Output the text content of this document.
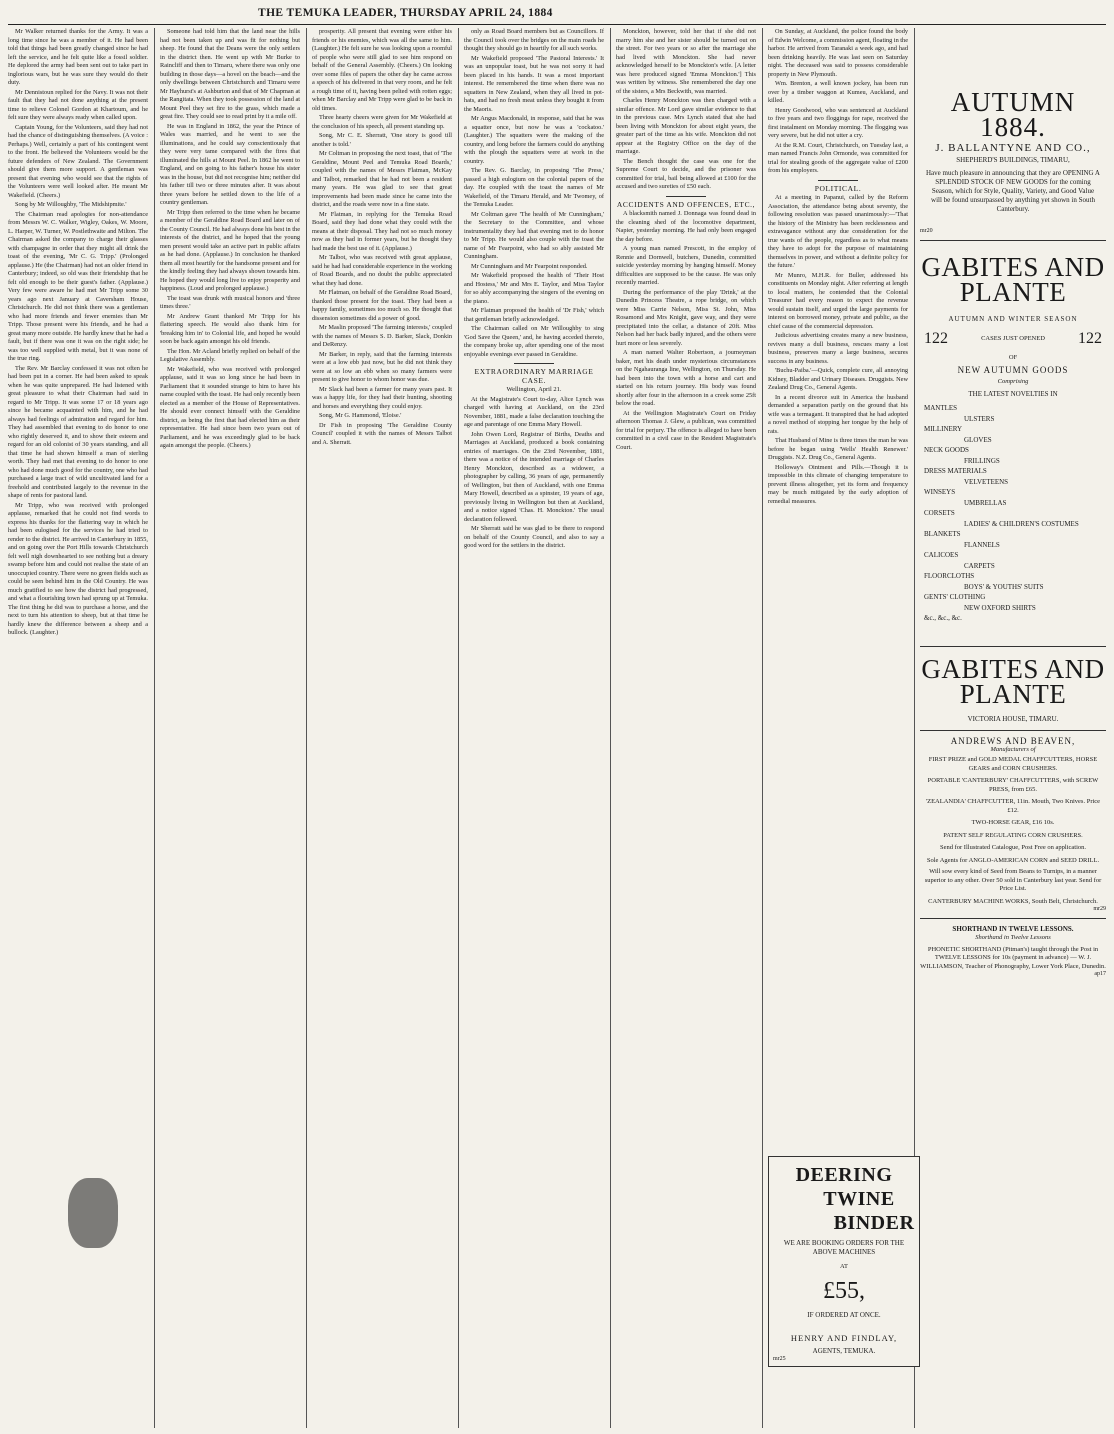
THE TEMUKA LEADER, THURSDAY APRIL 24, 1884

Mr Walker returned thanks for the Army. It was a long time since he was a member of it. He had been told that things had been greatly changed since he had left the service, and he felt quite like a fossil soldier. He deplored the army had been sent out to take part in inglorious wars, but he was sure they would do their duty.

Mr Dennistoun replied for the Navy. It was not their fault that they had not done anything at the present time to relieve Colonel Gordon at Khartoum, and he felt sure they were always ready when called upon.

Captain Young, for the Volunteers, said they had not had the chance of distinguishing themselves. (A voice : Perhaps.) Well, certainly a part of his contingent went to the front. He believed the Volunteers would be the future defenders of New Zealand. The Government should give them more support. A gentleman was present that evening who would see that the rights of the Volunteers were well looked after. He meant Mr Wakefield. (Cheers.)

Song by Mr Willoughby, 'The Midshipmite.'

The Chairman read apologies for non-attendance from Messrs W. C. Walker, Wigley, Oakes, W. Moore, L. Harper, W. Turner, W. Postlethwaite and Milton. The Chairman asked the company to charge their glasses with champagne in order that they might all drink the toast of the evening, 'Mr C. G. Tripp.' (Prolonged applause.) He (the Chairman) had not an older friend in Canterbury; indeed, so old was their friendship that he felt old enough to be their guest's father. (Applause.) Very few were aware he had met Mr Tripp some 30 years ago next January at Caversham House, Christchurch. He did not think there was a gentleman who had more friends and fewer enemies than Mr Tripp. Those present were his friends, and he had a great many more outside. He hardly knew that he had a fault, but if there was one it was on the right side; he was too well supplied with metal, but it was none of the true ring.

The Rev. Mr Barclay confessed it was not often he had been put in a corner. He had been asked to speak when he was quite unprepared. He had listened with great pleasure to what their Chairman had said in regard to Mr Tripp. It was some 17 or 18 years ago since he became acquainted with him, and he had always had feelings of admiration and regard for him. They had assembled that evening to do honor to one who rightly deserved it, and to show their esteem and regard for an old colonist of 30 years standing, and all that time he had shown himself a man of sterling worth. They had met that evening to do honor to one who had done much good for the country, one who had purchased a large tract of wild uncultivated land for a freehold and contributed largely to the revenue in the shape of rents for pastoral land.

Mr Tripp, who was received with prolonged applause, remarked that he could not find words to express his thanks for the flattering way in which he had been eulogised for the services he had tried to render to the district. He arrived in Canterbury in 1855, and on going over the Port Hills towards Christchurch felt well nigh downhearted to see nothing but a dreary swamp before him and could not realise the state of an unoccupied country. There were no green fields such as could be seen behind him in the Old Country. He was much gratified to see how the district had progressed, and what a flourishing town had sprung up at Temuka. The first thing he did was to purchase a horse, and the next to turn his attention to sheep, but at that time he hardly knew the difference between a sheep and a bullock. (Laughter.)

Someone had told him that the land near the hills had not been taken up and was fit for nothing but sheep. He found that the Deans were the only settlers in the district then. He went up with Mr Burke to Raincliff and then to Timaru, where there was only one building in those days—a hovel on the beach—and the only dwellings between Christchurch and Timaru were Mr Hayhurst's at Ashburton and that of Mr Chapman at the Rangitata. When they took possession of the land at Mount Peel they set fire to the grass, which made a great fire. They could see to read print by it a mile off.

He was in England in 1862, the year the Prince of Wales was married, and he went to see the illuminations, and he could say conscientiously that they were very tame compared with the fires that illuminated the hills at Mount Peel. In 1862 he went to England, and on going to his father's house his sister was in the house, but did not recognise him; neither did his father till two or three minutes after. It was about three years before he settled down to the life of a country gentleman.

Mr Tripp then referred to the time when he became a member of the Geraldine Road Board and later on of the County Council. He had always done his best in the interests of the district, and he hoped that the young men present would take an active part in public affairs as he had done. (Applause.) In conclusion he thanked them all most heartily for the handsome present and for the kindly feeling they had always shown towards him. He hoped they would long live to enjoy prosperity and happiness. (Loud and prolonged applause.)

The toast was drunk with musical honors and 'three times three.'

Mr Andrew Grant thanked Mr Tripp for his flattering speech. He would also thank him for 'breaking him in' to Colonial life, and hoped he would soon be back again amongst his old friends.

The Hon. Mr Acland briefly replied on behalf of the Legislative Assembly.

Mr Wakefield, who was received with prolonged applause, said it was so long since he had been in Parliament that it sounded strange to him to have his name coupled with the toast. He had only recently been elected as a member of the House of Representatives. He should ever connect himself with the Geraldine district, as being the first that had elected him as their representative. He had since been two years out of Parliament, and he was exceedingly glad to be back again amongst the people. (Cheers.)

prosperity. All present that evening were either his friends or his enemies, which was all the same to him. (Laughter.) He felt sure he was looking upon a roomful of people who were still glad to see him respond on behalf of the General Assembly. (Cheers.) On looking over some files of papers the other day he came across a speech of his delivered in that very room, and he felt a rough time of it, having been pelted with rotten eggs; when Mr Barclay and Mr Tripp were glad to be back in old times.

Three hearty cheers were given for Mr Wakefield at the conclusion of his speech, all present standing up.

Song, Mr C. E. Sherratt, 'One story is good till another is told.'

Mr Coltman in proposing the next toast, that of 'The Geraldine, Mount Peel and Temuka Road Boards,' coupled with the names of Messrs Flatman, McKay and Talbot, remarked that he had not been a resident many years. He was glad to see that great improvements had been made since he came into the district, and the roads were now in a fine state.

Mr Flatman, in replying for the Temuka Road Board, said they had done what they could with the means at their disposal. They had not so much money now as they had in former years, but he thought they had made the best use of it. (Applause.)

Mr Talbot, who was received with great applause, said he had had considerable experience in the working of Road Boards, and no doubt the public appreciated what they had done.

Mr Flatman, on behalf of the Geraldine Road Board, thanked those present for the toast. They had been a happy family, sometimes too much so. He thought that dissension sometimes did a power of good.

Mr Maslin proposed 'The farming interests,' coupled with the names of Messrs S. D. Barker, Slack, Donkin and DeRenzy.

Mr Barker, in reply, said that the farming interests were at a low ebb just now, but he did not think they were at so low an ebb when so many farmers were present to give honor to whom honor was due.

Mr Slack had been a farmer for many years past. It was a happy life, for they had their hunting, shooting and horses and everything they could enjoy.

Song, Mr G. Hammond, 'Eloise.'

Dr Fish in proposing 'The Geraldine County Council' coupled it with the names of Messrs Talbot and A. Sherratt.

only as Road Board members but as Councillors. If the Council took over the bridges on the main roads he thought they should go in heartily for all such works.

Mr Wakefield proposed 'The Pastoral Interests.' It was an unpopular toast, but he was not sorry it had been placed in his hands. It was a most important interest. He remembered the time when there was no squatters in New Zealand, when they all lived in pot-hats, and had no fresh meat unless they bought it from the Maoris.

Mr Angus Macdonald, in response, said that he was a squatter once, but now he was a 'cockatoo.' (Laughter.) The squatters were the making of the country, and long before the farmers could do anything with the plough the squatters were at work in the country.

The Rev. G. Barclay, in proposing 'The Press,' passed a high eulogium on the colonial papers of the day. He coupled with the toast the names of Mr Wakefield, of the Timaru Herald, and Mr Twomey, of the Temuka Leader.

Mr Coltman gave 'The health of Mr Cunningham,' the Secretary to the Committee, and whose instrumentality they had that evening met to do honor to Mr Tripp. He would also couple with the toast the name of Mr Fearpoint, who had so ably assisted Mr Cunningham.

Mr Cunningham and Mr Fearpoint responded.

Mr Wakefield proposed the health of 'Their Host and Hostess,' Mr and Mrs E. Taylor, and Miss Taylor for so ably accompanying the singers of the evening on the piano.

Mr Flatman proposed the health of 'Dr Fish,' which that gentleman briefly acknowledged.

The Chairman called on Mr Willoughby to sing 'God Save the Queen,' and, he having acceded thereto, the company broke up, after spending one of the most enjoyable evenings ever passed in Geraldine.

EXTRAORDINARY MARRIAGE CASE.

Wellington, April 21.

At the Magistrate's Court to-day, Alice Lynch was charged with having at Auckland, on the 23rd November, 1881, made a false declaration touching the age and parentage of one Emma Mary Howell.

John Owen Lord, Registrar of Births, Deaths and Marriages at Auckland, produced a book containing entries of marriages. On the 23rd November, 1881, there was a notice of the intended marriage of Charles Henry Monckton, described as a widower, a photographer by calling, 36 years of age, permanently of Wellington, but then of Auckland, with one Emma Mary Howell, described as a spinster, 19 years of age, previously living in Wellington but then at Auckland, and a notice signed 'Chas. H. Monckton.' The usual declaration followed.

Mr Sherratt said he was glad to be there to respond on behalf of the County Council, and also to say a good word for the settlers in the district.

Monckton, however, told her that if she did not marry him she and her sister should be turned out on the street. For two years or so after the marriage she had lived with Monckton. She had never acknowledged herself to be Monckton's wife. [A letter was here produced signed 'Emma Monckton.'] This was written by witness. She remembered the day one of the sisters, a Mrs Beckwith, was married.

Charles Henry Monckton was then charged with a similar offence. Mr Lord gave similar evidence to that in the previous case. Mrs Lynch stated that she had been living with Monckton for about eight years, the greater part of the time as his wife. Monckton did not appear at the Registry Office on the day of the marriage.

The Bench thought the case was one for the Supreme Court to decide, and the prisoner was committed for trial, bail being allowed at £100 for the accused and two sureties of £50 each.

ACCIDENTS AND OFFENCES, ETC.,

A blacksmith named J. Donnaga was found dead in the cleaning shed of the locomotive department, Napier, yesterday morning. He had only been engaged the day before.

A young man named Prescott, in the employ of Rennie and Dornwell, butchers, Dunedin, committed suicide yesterday morning by hanging himself. Money difficulties are supposed to be the cause. He was only recently married.

During the performance of the play 'Drink,' at the Dunedin Princess Theatre, a rope bridge, on which were Miss Carrie Nelson, Miss St. John, Miss Rosamond and Mrs Knight, gave way, and they were precipitated into the cellar, a distance of 20ft. Miss Nelson had her back badly injured, and the others were hurt more or less severely.

A man named Walter Robertson, a journeyman baker, met his death under mysterious circumstances on the Ngahauranga line, Wellington, on Thursday. He had been into the town with a horse and cart and started on his return journey. His body was found shortly after four in the afternoon in a creek some 25ft below the road.

At the Wellington Magistrate's Court on Friday afternoon Thomas J. Glew, a publican, was committed for trial for perjury. The offence is alleged to have been committed in a civil case in the Resident Magistrate's Court.

On Sunday, at Auckland, the police found the body of Edwin Welcome, a commission agent, floating in the harbor. He arrived from Taranaki a week ago, and had been drinking heavily. He was last seen on Saturday night. The deceased was said to possess considerable property in New Plymouth.

Wm. Brenton, a well known jockey, has been run over by a timber waggon at Kumeu, Auckland, and killed.

Henry Goodwood, who was sentenced at Auckland to five years and two floggings for rape, received the first instalment on Monday morning. The flogging was very severe, but he did not utter a cry.

At the R.M. Court, Christchurch, on Tuesday last, a man named Francis John Ormonde, was committed for trial for stealing goods of the aggregate value of £200 from his employers.

POLITICAL.

At a meeting in Papanui, called by the Reform Association, the attendance being about seventy, the following resolution was passed unanimously:—'That the history of the Ministry has been recklessness and extravagance without any due consideration for the true wants of the people, regardless as to what means they have to adopt for the purpose of maintaining themselves in power, and without a definite policy for the future.'

Mr Munro, M.H.R. for Buller, addressed his constituents on Monday night. After referring at length to local matters, he contended that the Colonial Treasurer had every reason to expect the revenue would sustain itself, and urged the large payments for interest on borrowed money, private and public, as the chief cause of the commercial depression.

Judicious advertising creates many a new business, revives many a dull business, rescues many a lost business, preserves many a large business, secures success in any business.

'Buchu-Paiba.'—Quick, complete cure, all annoying Kidney, Bladder and Urinary Diseases. Druggists. New Zealand Drug Co., General Agents.

In a recent divorce suit in America the husband demanded a separation partly on the ground that his wife was a termagant. It transpired that he had adopted a novel method of stopping her tongue by the help of rats.

That Husband of Mine is three times the man he was before he began using 'Wells' Health Renewer.' Druggists. N.Z. Drug Co., General Agents.

Holloway's Ointment and Pills.—Though it is impossible in this climate of changing temperature to prevent illness altogether, yet its form and frequency may be much mitigated by the early adoption of remedial measures.

AUTUMN 1884.
J. BALLANTYNE AND CO.,
SHEPHERD'S BUILDINGS, TIMARU,
Have much pleasure in announcing that they are OPENING A SPLENDID STOCK OF NEW GOODS for the coming Season, which for Style, Quality, Variety, and Good Value will be found unsurpassed by anything yet shown in South Canterbury.
mr20
GABITES AND PLANTE
AUTUMN AND WINTER SEASON
122	CASES JUST OPENED 122
OF
NEW AUTUMN GOODS
Comprising
THE LATEST NOVELTIES IN
MANTLES
ULSTERS
MILLINERY
GLOVES
NECK GOODS
FRILLINGS
DRESS MATERIALS
VELVETEENS
WINSEYS
UMBRELLAS
CORSETS
LADIES' & CHILDREN'S COSTUMES
BLANKETS
FLANNELS
CALICOES
CARPETS
FLOORCLOTHS
BOYS' & YOUTHS' SUITS
GENTS' CLOTHING
NEW OXFORD SHIRTS
&c., &c., &c.
GABITES AND PLANTE
VICTORIA HOUSE, TIMARU.
ANDREWS AND BEAVEN,
Manufacturers of
FIRST PRIZE and GOLD MEDAL CHAFFCUTTERS, HORSE GEARS and CORN CRUSHERS.
PORTABLE 'CANTERBURY' CHAFFCUTTERS, with SCREW PRESS, from £65.
'ZEALANDIA' CHAFFCUTTER, 11in. Mouth, Two Knives. Price £12.
TWO-HORSE GEAR, £16 10s.
PATENT SELF REGULATING CORN CRUSHERS.
Send for Illustrated Catalogue, Post Free on application.
Sole Agents for ANGLO-AMERICAN CORN and SEED DRILL.
Will sow every kind of Seed from Beans to Turnips, in a manner superior to any other. Over 50 sold in Canterbury last year. Send for Price List.
CANTERBURY MACHINE WORKS, South Belt, Christchurch.
mr29
SHORTHAND IN TWELVE LESSONS.
Shorthand in Twelve Lessons
PHONETIC SHORTHAND (Pitman's) taught through the Post in TWELVE LESSONS for 10s (payment in advance) — W. J. WILLIAMSON, Teacher of Phonography, Lower York Place, Dunedin.
ap17
DEERING
TWINE
BINDER
WE ARE BOOKING ORDERS FOR THE ABOVE MACHINES
AT
£55,
IF ORDERED AT ONCE.
HENRY AND FINDLAY,
AGENTS, TEMUKA.
mr25
